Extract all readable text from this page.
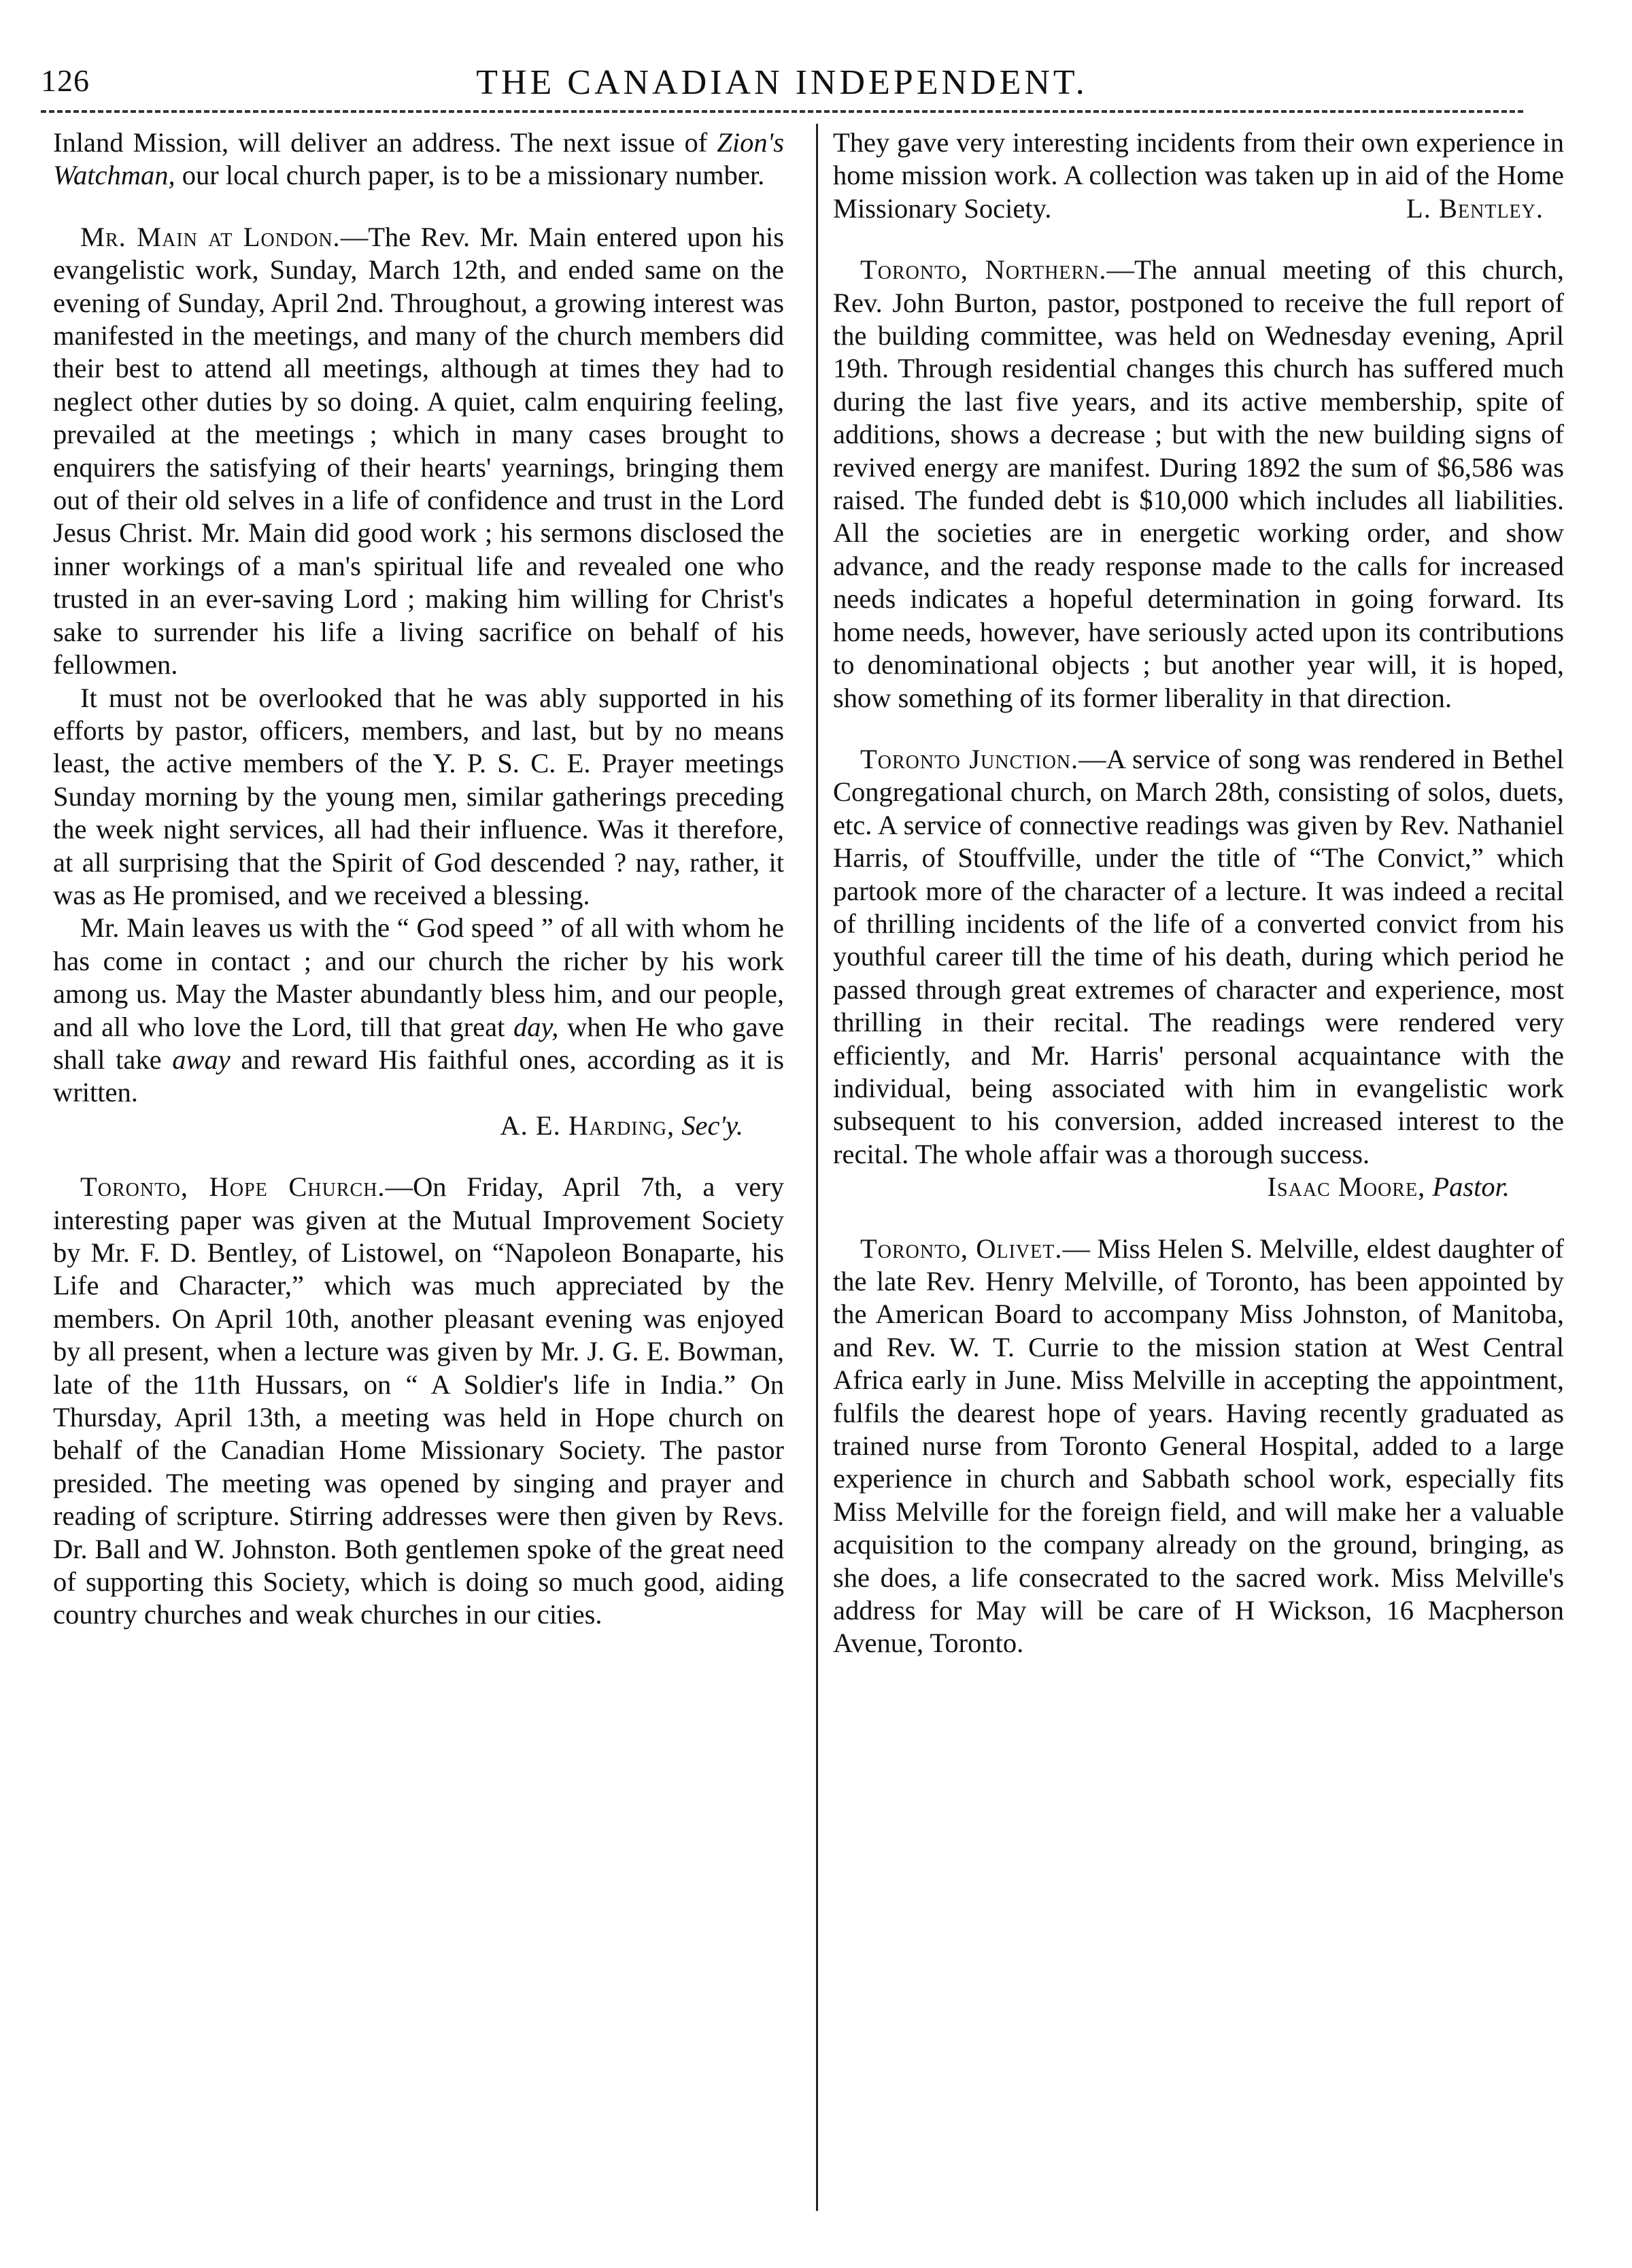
126	THE CANADIAN INDEPENDENT.

Inland Mission, will deliver an address. The next issue of Zion's Watchman, our local church paper, is to be a missionary number.

Mr. Main at London.—The Rev. Mr. Main entered upon his evangelistic work, Sunday, March 12th, and ended same on the evening of Sunday, April 2nd. Throughout, a growing interest was manifested in the meetings, and many of the church members did their best to attend all meetings, although at times they had to neglect other duties by so doing. A quiet, calm enquiring feeling, prevailed at the meetings ; which in many cases brought to enquirers the satisfying of their hearts' yearnings, bringing them out of their old selves in a life of confidence and trust in the Lord Jesus Christ. Mr. Main did good work ; his sermons disclosed the inner workings of a man's spiritual life and revealed one who trusted in an ever-saving Lord ; making him willing for Christ's sake to surrender his life a living sacrifice on behalf of his fellowmen.

It must not be overlooked that he was ably supported in his efforts by pastor, officers, members, and last, but by no means least, the active members of the Y. P. S. C. E. Prayer meetings Sunday morning by the young men, similar gatherings preceding the week night services, all had their influence. Was it therefore, at all surprising that the Spirit of God descended ? nay, rather, it was as He promised, and we received a blessing.

Mr. Main leaves us with the “ God speed ” of all with whom he has come in contact ; and our church the richer by his work among us. May the Master abundantly bless him, and our people, and all who love the Lord, till that great day, when He who gave shall take away and reward His faithful ones, according as it is written.

A. E. Harding, Sec'y.

Toronto, Hope Church.—On Friday, April 7th, a very interesting paper was given at the Mutual Improvement Society by Mr. F. D. Bentley, of Listowel, on “Napoleon Bonaparte, his Life and Character,” which was much appreciated by the members. On April 10th, another pleasant evening was enjoyed by all present, when a lecture was given by Mr. J. G. E. Bowman, late of the 11th Hussars, on “ A Soldier's life in India.” On Thursday, April 13th, a meeting was held in Hope church on behalf of the Canadian Home Missionary Society. The pastor presided. The meeting was opened by singing and prayer and reading of scripture. Stirring addresses were then given by Revs. Dr. Ball and W. Johnston. Both gentlemen spoke of the great need of supporting this Society, which is doing so much good, aiding country churches and weak churches in our cities.

They gave very interesting incidents from their own experience in home mission work. A collection was taken up in aid of the Home Missionary Society.	L. Bentley.

Toronto, Northern.—The annual meeting of this church, Rev. John Burton, pastor, postponed to receive the full report of the building committee, was held on Wednesday evening, April 19th. Through residential changes this church has suffered much during the last five years, and its active membership, spite of additions, shows a decrease ; but with the new building signs of revived energy are manifest. During 1892 the sum of $6,586 was raised. The funded debt is $10,000 which includes all liabilities. All the societies are in energetic working order, and show advance, and the ready response made to the calls for increased needs indicates a hopeful determination in going forward. Its home needs, however, have seriously acted upon its contributions to denominational objects ; but another year will, it is hoped, show something of its former liberality in that direction.

Toronto Junction.—A service of song was rendered in Bethel Congregational church, on March 28th, consisting of solos, duets, etc. A service of connective readings was given by Rev. Nathaniel Harris, of Stouffville, under the title of “The Convict,” which partook more of the character of a lecture. It was indeed a recital of thrilling incidents of the life of a converted convict from his youthful career till the time of his death, during which period he passed through great extremes of character and experience, most thrilling in their recital. The readings were rendered very efficiently, and Mr. Harris' personal acquaintance with the individual, being associated with him in evangelistic work subsequent to his conversion, added increased interest to the recital. The whole affair was a thorough success.

Isaac Moore, Pastor.

Toronto, Olivet.— Miss Helen S. Melville, eldest daughter of the late Rev. Henry Melville, of Toronto, has been appointed by the American Board to accompany Miss Johnston, of Manitoba, and Rev. W. T. Currie to the mission station at West Central Africa early in June. Miss Melville in accepting the appointment, fulfils the dearest hope of years. Having recently graduated as trained nurse from Toronto General Hospital, added to a large experience in church and Sabbath school work, especially fits Miss Melville for the foreign field, and will make her a valuable acquisition to the company already on the ground, bringing, as she does, a life consecrated to the sacred work. Miss Melville's address for May will be care of H Wickson, 16 Macpherson Avenue, Toronto.
